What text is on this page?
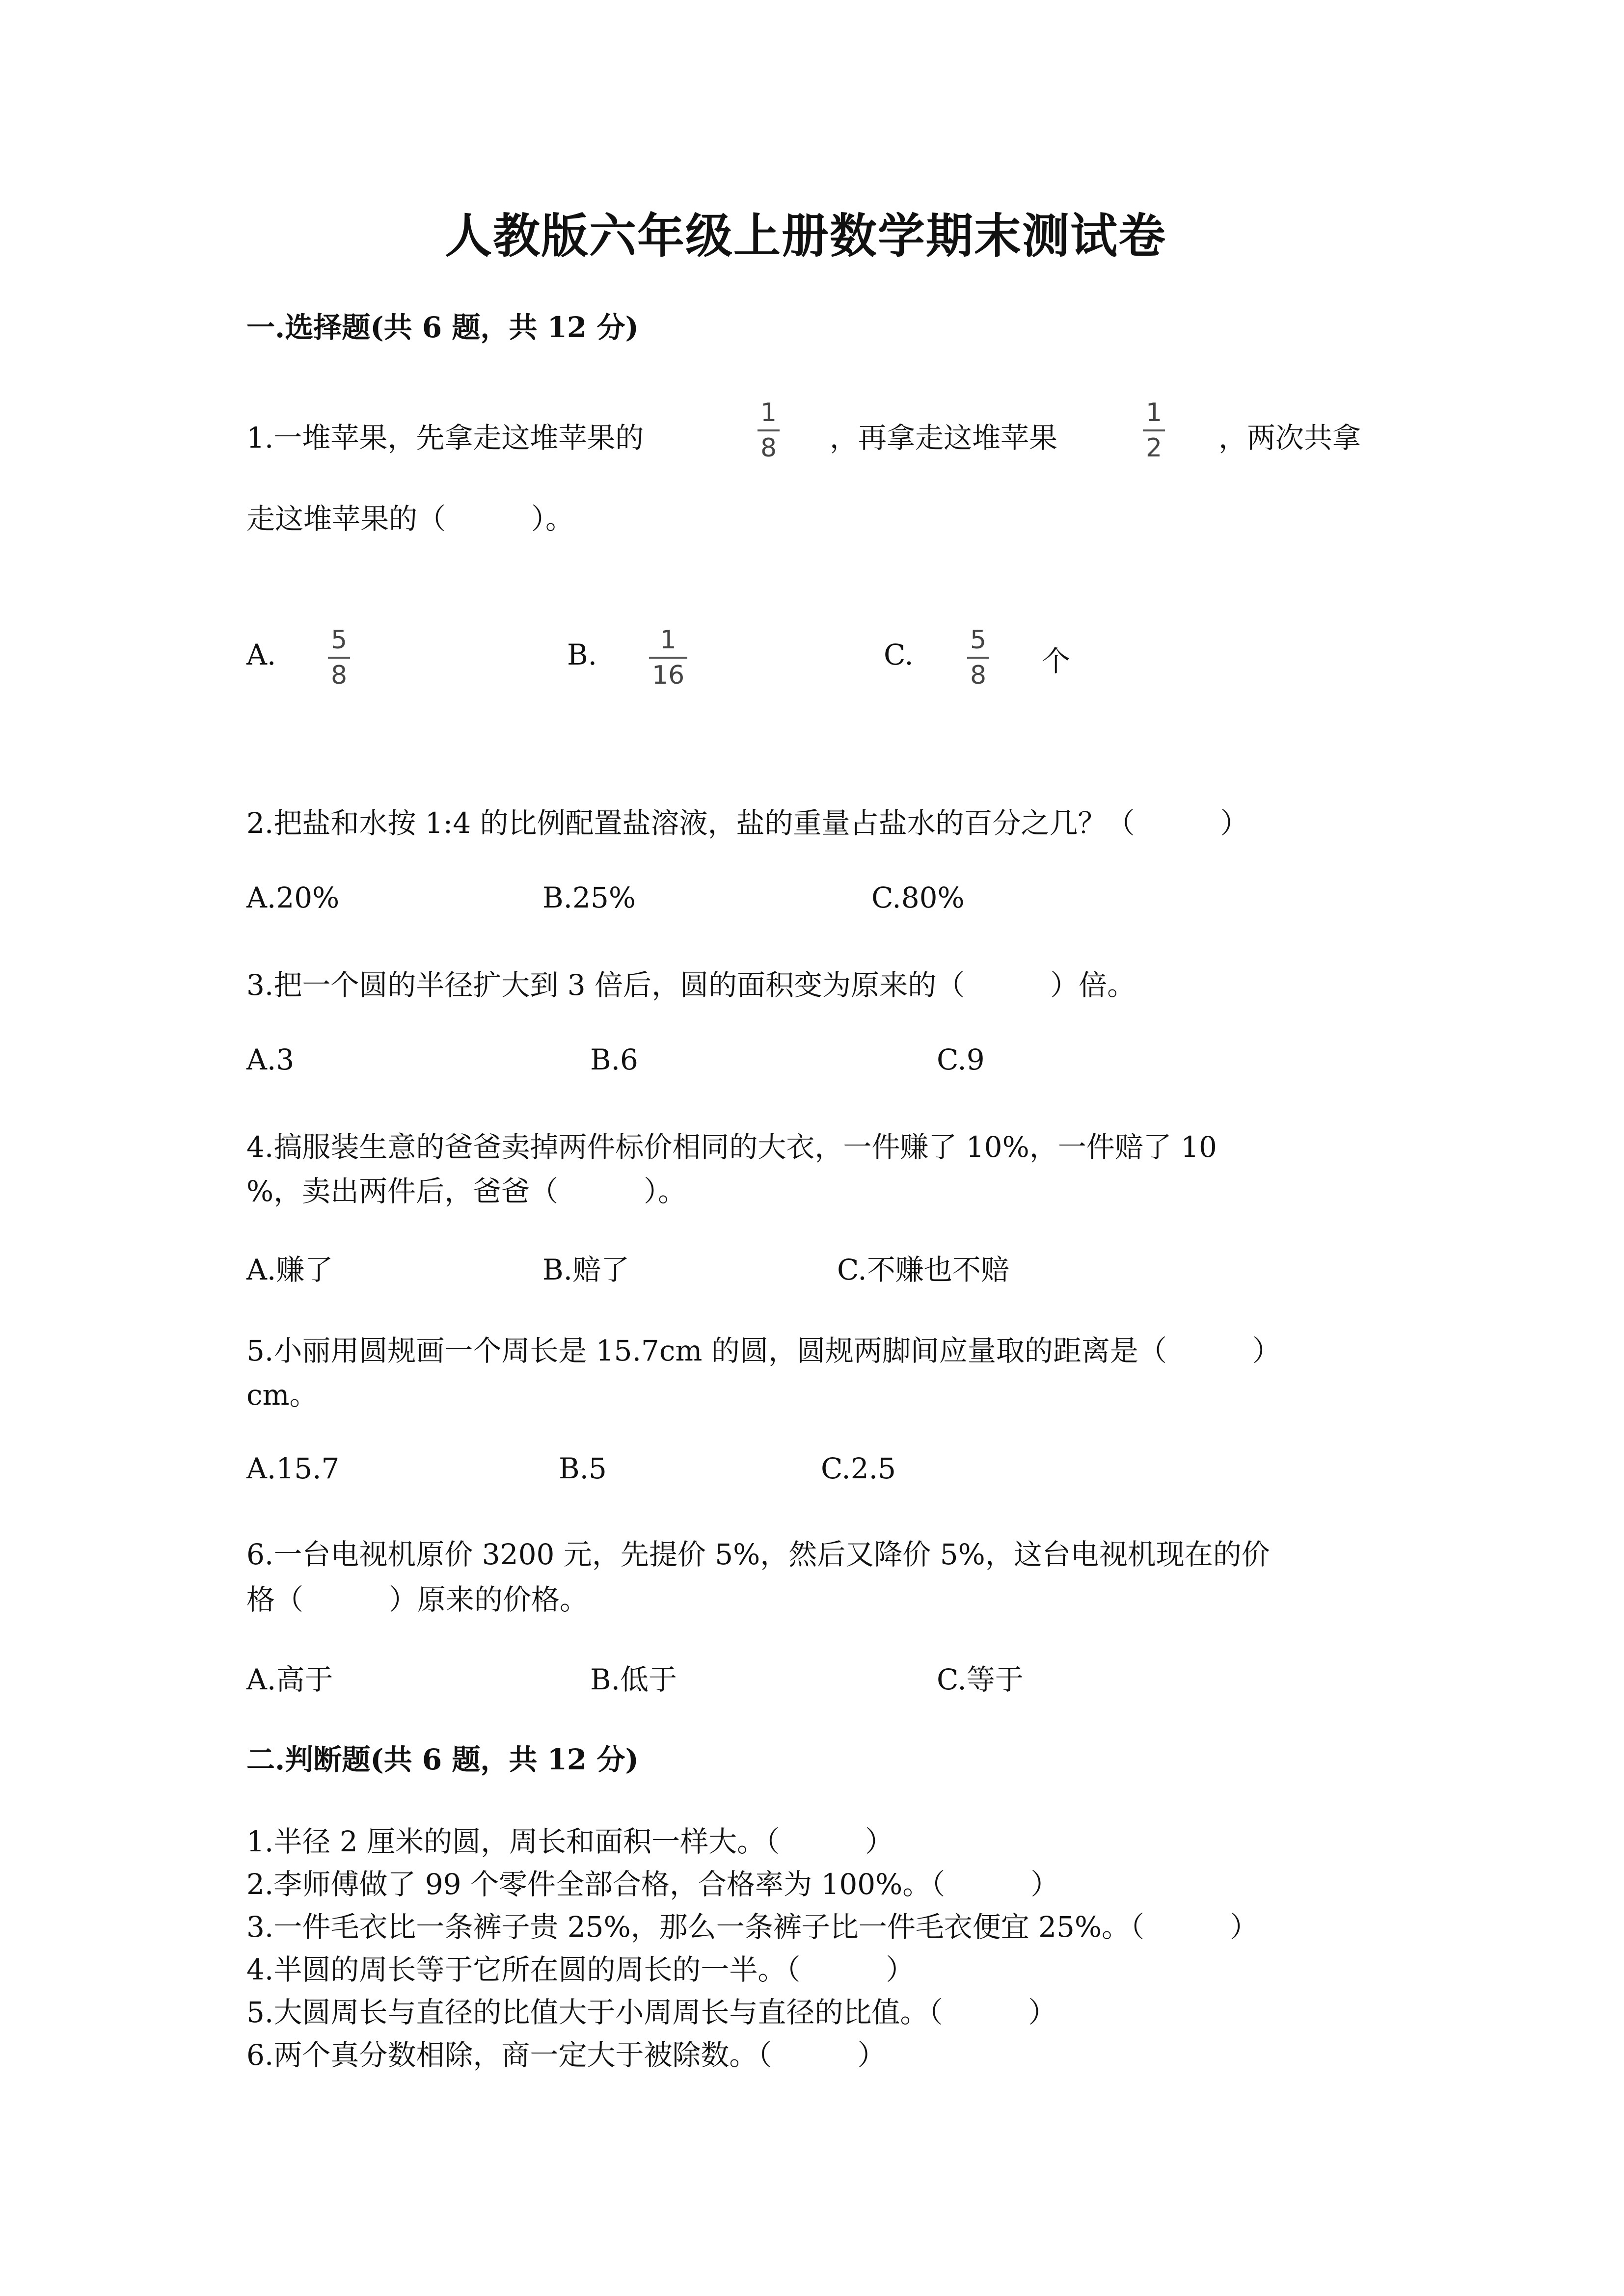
人教版六年级上册数学期末测试卷
一.选择题(共 6 题，共 12 分)
1.一堆苹果，先拿走这堆苹果的
1
8 ，再拿走这堆苹果
1
2 ，两次共拿
走这堆苹果的（　　　）。
A. 5
8
B. 1
16
C. 5
8 个
2.把盐和水按 1:4 的比例配置盐溶液，盐的重量占盐水的百分之几？（　　　）
A.20%	B.25%	C.80%
3.把一个圆的半径扩大到 3 倍后，圆的面积变为原来的（　　　）倍。
A.3	B.6	C.9
4.搞服装生意的爸爸卖掉两件标价相同的大衣，一件赚了 10%，一件赔了 10
%，卖出两件后，爸爸（　　　）。
A.赚了	B.赔了	C.不赚也不赔
5.小丽用圆规画一个周长是 15.7cm 的圆，圆规两脚间应量取的距离是（　　　）
cm。
A.15.7	B.5	C.2.5
6.一台电视机原价 3200 元，先提价 5%，然后又降价 5%，这台电视机现在的价
格（　　　）原来的价格。
A.高于	B.低于	C.等于
二.判断题(共 6 题，共 12 分)
1.半径 2 厘米的圆，周长和面积一样大。（　　　）
2.李师傅做了 99 个零件全部合格，合格率为 100%。（　　　）
3.一件毛衣比一条裤子贵 25%，那么一条裤子比一件毛衣便宜 25%。（　　　）
4.半圆的周长等于它所在圆的周长的一半。（　　　）
5.大圆周长与直径的比值大于小周周长与直径的比值。（　　　）
6.两个真分数相除，商一定大于被除数。（　　　）
